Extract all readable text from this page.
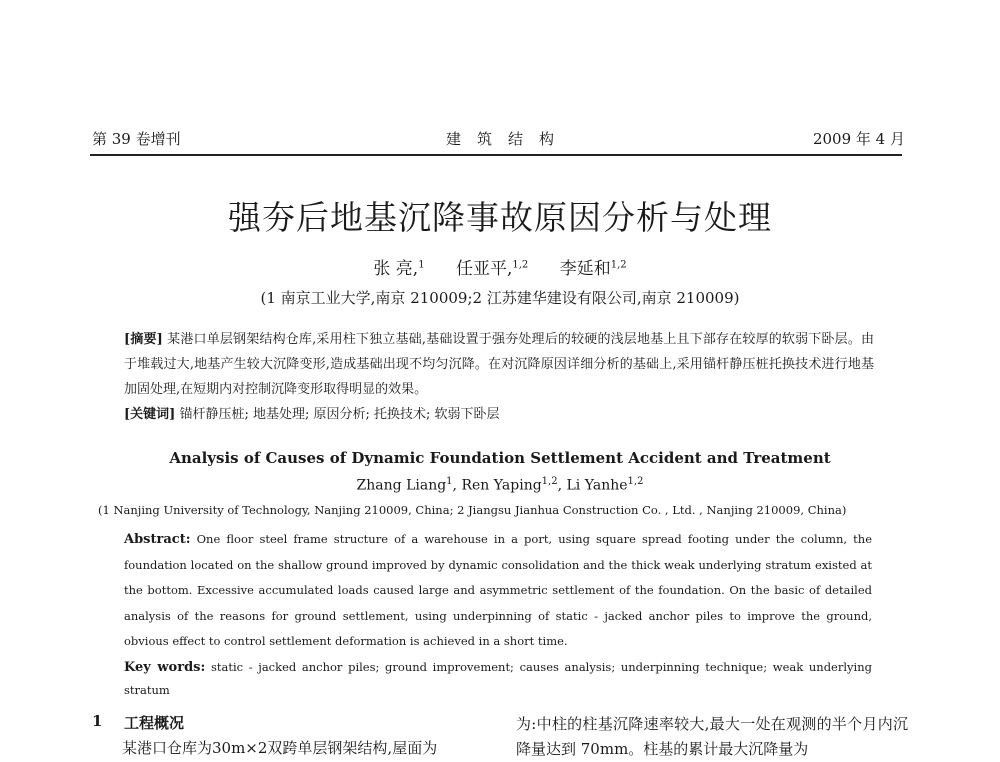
第 39 卷增刊	建筑结构	2009 年 4 月
强夯后地基沉降事故原因分析与处理
张 亮,$^1$ 任亚平,$^{1,2}$ 李延和$^{1,2}$
(1 南京工业大学,南京 210009;2 江苏建华建设有限公司,南京 210009)
[摘要] 某港口单层钢架结构仓库,采用柱下独立基础,基础设置于强夯处理后的较硬的浅层地基上且下部存在较厚的软弱下卧层。由于堆载过大,地基产生较大沉降变形,造成基础出现不均匀沉降。在对沉降原因详细分析的基础上,采用锚杆静压桩托换技术进行地基加固处理,在短期内对控制沉降变形取得明显的效果。
[关键词] 锚杆静压桩; 地基处理; 原因分析; 托换技术; 软弱下卧层
Analysis of Causes of Dynamic Foundation Settlement Accident and Treatment
Zhang Liang$^1$, Ren Yaping$^{1,2}$, Li Yanhe$^{1,2}$
(1 Nanjing University of Technology, Nanjing 210009, China; 2 Jiangsu Jianhua Construction Co. , Ltd. , Nanjing 210009, China)
Abstract: One floor steel frame structure of a warehouse in a port, using square spread footing under the column, the foundation located on the shallow ground improved by dynamic consolidation and the thick weak underlying stratum existed at the bottom. Excessive accumulated loads caused large and asymmetric settlement of the foundation. On the basic of detailed analysis of the reasons for ground settlement, using underpinning of static - jacked anchor piles to improve the ground, obvious effect to control settlement deformation is achieved in a short time.
Key words: static - jacked anchor piles; ground improvement; causes analysis; underpinning technique; weak underlying stratum
1 工程概况
某港口仓库为30m×2双跨单层钢架结构,屋面为
为:中柱的柱基沉降速率较大,最大一处在观测的半个月内沉降量达到 70mm。柱基的累计最大沉降量为
